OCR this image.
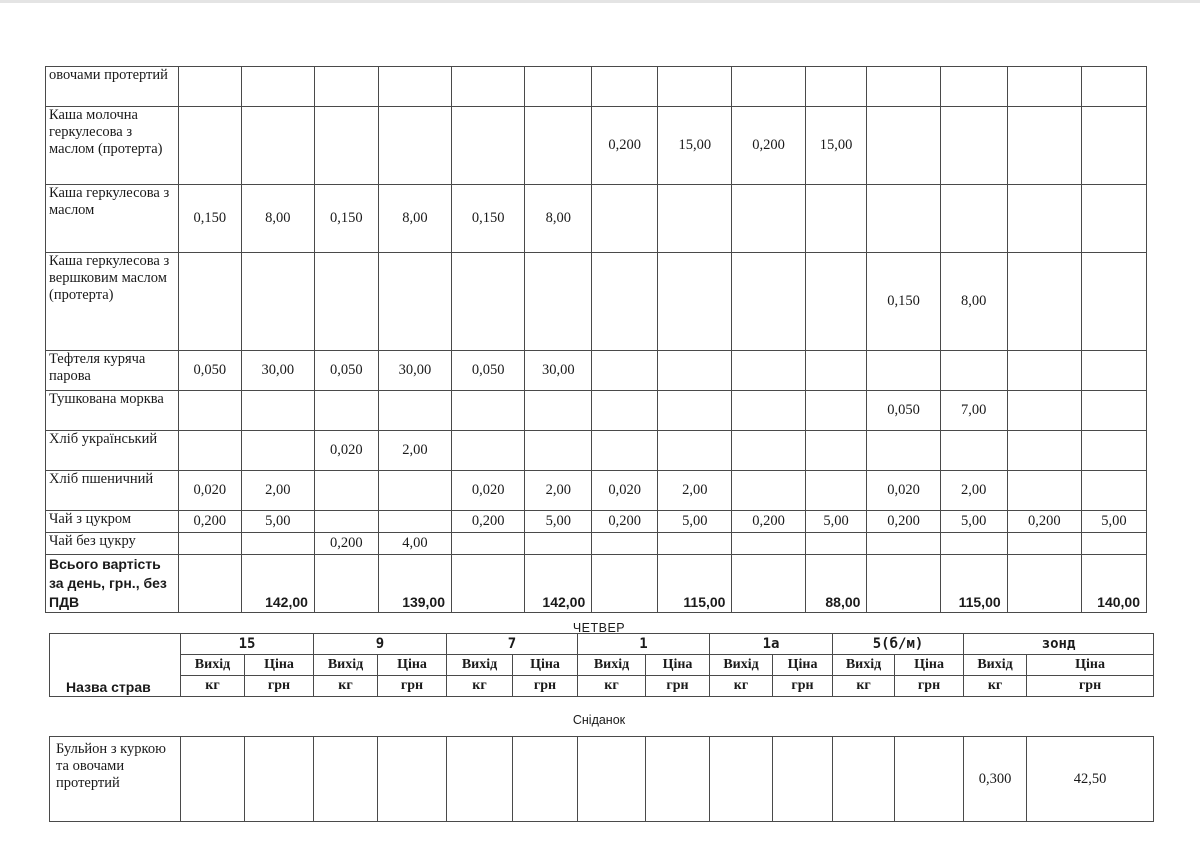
овочами протертий														
Каша молочна геркулесова з маслом (протерта)							0,200	15,00	0,200	15,00				
Каша геркулесова з маслом	0,150	8,00	0,150	8,00	0,150	8,00								
Каша геркулесова з вершковим маслом (протерта)											0,150	8,00		
Тефтеля куряча парова	0,050	30,00	0,050	30,00	0,050	30,00								
Тушкована морква											0,050	7,00		
Хліб український			0,020	2,00										
Хліб пшеничний	0,020	2,00			0,020	2,00	0,020	2,00			0,020	2,00		
Чай з цукром	0,200	5,00			0,200	5,00	0,200	5,00	0,200	5,00	0,200	5,00	0,200	5,00
Чай без цукру			0,200	4,00										
Всього вартість за день, грн., без ПДВ		142,00		139,00		142,00		115,00		88,00		115,00		140,00
ЧЕТВЕР
Назва страв	15		9		7		1		1а		5(б/м)		зонд	
	Вихід	Ціна	Вихід	Ціна	Вихід	Ціна	Вихід	Ціна	Вихід	Ціна	Вихід	Ціна	Вихід	Ціна
	кг	грн	кг	грн	кг	грн	кг	грн	кг	грн	кг	грн	кг	грн
Сніданок
Бульйон з куркою та овочами протертий													0,300	42,50
